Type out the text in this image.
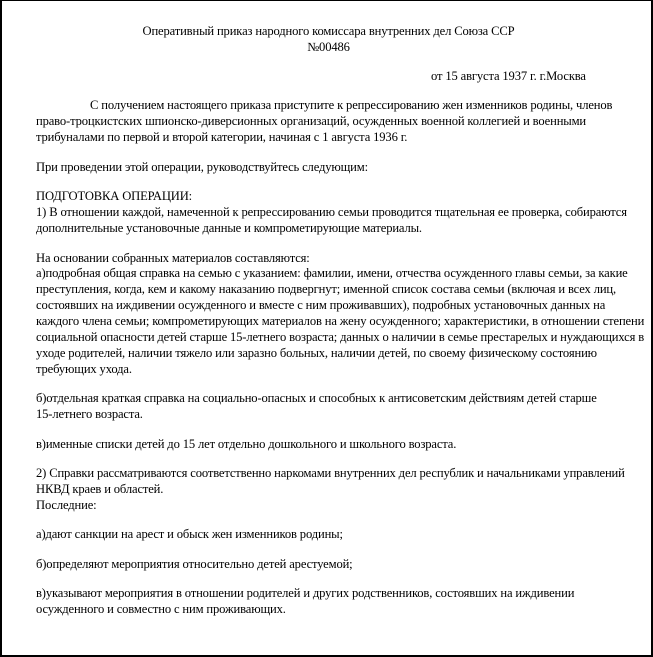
Оперативный приказ народного комиссара внутренних дел Союза ССР
№00486
от 15 августа 1937 г. г.Москва
С получением настоящего приказа приступите к репрессированию жен изменников родины, членов
право-троцкистских шпионско-диверсионных организаций, осужденных военной коллегией и военными
трибуналами по первой и второй категории, начиная с 1 августа 1936 г.
При проведении этой операции, руководствуйтесь следующим:
ПОДГОТОВКА ОПЕРАЦИИ:
1) В отношении каждой, намеченной к репрессированию семьи проводится тщательная ее проверка, собираются
дополнительные установочные данные и компрометирующие материалы.
На основании собранных материалов составляются:
а)подробная общая справка на семью с указанием: фамилии, имени, отчества осужденного главы семьи, за какие
преступления, когда, кем и какому наказанию подвергнут; именной список состава семьи (включая и всех лиц,
состоявших на иждивении осужденного и вместе с ним проживавших), подробных установочных данных на
каждого члена семьи; компрометирующих материалов на жену осужденного; характеристики, в отношении степени
социальной опасности детей старше 15-летнего возраста; данных о наличии в семье престарелых и нуждающихся в
уходе родителей, наличии тяжело или заразно больных, наличии детей, по своему физическому состоянию
требующих ухода.
б)отдельная краткая справка на социально-опасных и способных к антисоветским действиям детей старше
15-летнего возраста.
в)именные списки детей до 15 лет отдельно дошкольного и школьного возраста.
2) Справки рассматриваются соответственно наркомами внутренних дел республик и начальниками управлений
НКВД краев и областей.
Последние:
а)дают санкции на арест и обыск жен изменников родины;
б)определяют мероприятия относительно детей арестуемой;
в)указывают мероприятия в отношении родителей и других родственников, состоявших на иждивении
осужденного и совместно с ним проживающих.
